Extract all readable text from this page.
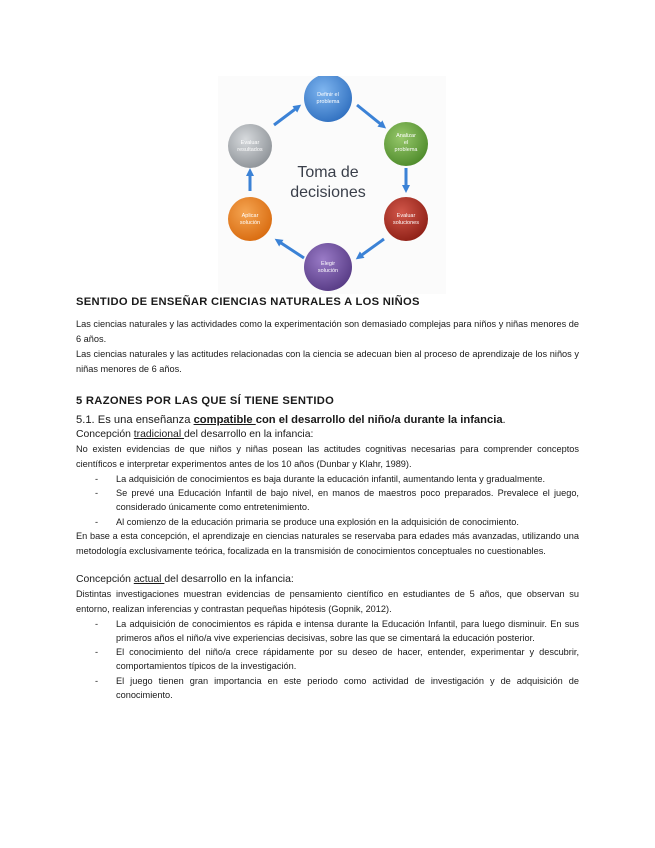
Definir el
problema
Analizar
el
problema
Evaluar
soluciones
Elegir
solución
Aplicar
solución
Evaluar
resultados
Toma de
decisiones
SENTIDO DE ENSEÑAR CIENCIAS NATURALES A LOS NIÑOS

Las ciencias naturales y las actividades como la experimentación son demasiado complejas para niños y niñas menores de 6 años.

Las ciencias naturales y las actitudes relacionadas con la ciencia se adecuan bien al proceso de aprendizaje de los niños y niñas menores de 6 años.

5 RAZONES POR LAS QUE SÍ TIENE SENTIDO
5.1. Es una enseñanza compatible con el desarrollo del niño/a durante la infancia.
Concepción tradicional del desarrollo en la infancia:

No existen evidencias de que niños y niñas posean las actitudes cognitivas necesarias para comprender conceptos científicos e interpretar experimentos antes de los 10 años (Dunbar y Klahr, 1989).

- La adquisición de conocimientos es baja durante la educación infantil, aumentando lenta y gradualmente.
- Se prevé una Educación Infantil de bajo nivel, en manos de maestros poco preparados. Prevalece el juego, considerado únicamente como entretenimiento.
- Al comienzo de la educación primaria se produce una explosión en la adquisición de conocimiento.

En base a esta concepción, el aprendizaje en ciencias naturales se reservaba para edades más avanzadas, utilizando una metodología exclusivamente teórica, focalizada en la transmisión de conocimientos conceptuales no cuestionables.

Concepción actual del desarrollo en la infancia:

Distintas investigaciones muestran evidencias de pensamiento científico en estudiantes de 5 años, que observan su entorno, realizan inferencias y contrastan pequeñas hipótesis (Gopnik, 2012).

- La adquisición de conocimientos es rápida e intensa durante la Educación Infantil, para luego disminuir. En sus primeros años el niño/a vive experiencias decisivas, sobre las que se cimentará la educación posterior.
- El conocimiento del niño/a crece rápidamente por su deseo de hacer, entender, experimentar y descubrir, comportamientos típicos de la investigación.
- El juego tienen gran importancia en este periodo como actividad de investigación y de adquisición de conocimiento.
